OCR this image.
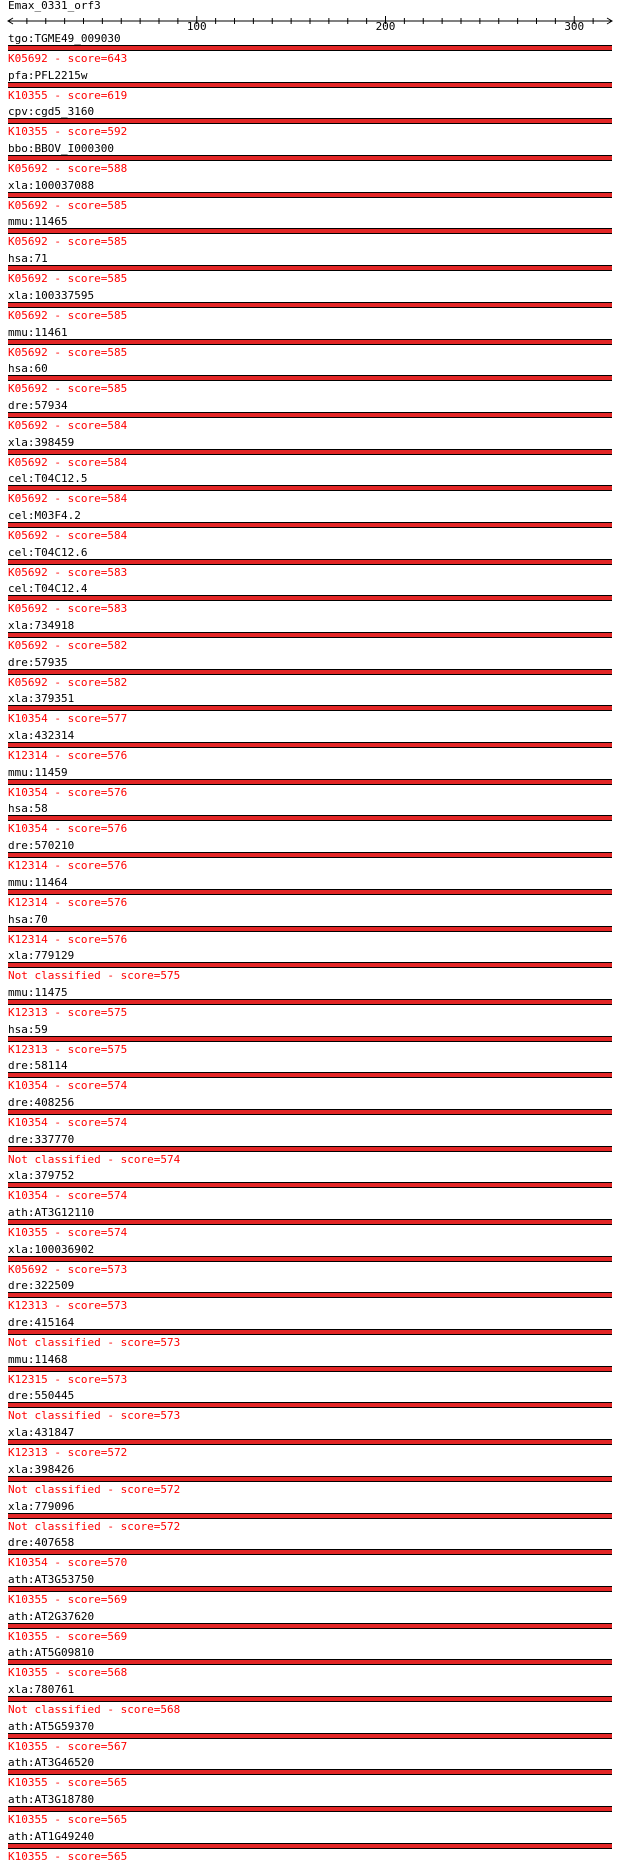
Emax_0331_orf3
100	200	300
tgo:TGME49_009030
K05692 - score=643
pfa:PFL2215w
K10355 - score=619
cpv:cgd5_3160
K10355 - score=592
bbo:BBOV_I000300
K05692 - score=588
xla:100037088
K05692 - score=585
mmu:11465
K05692 - score=585
hsa:71
K05692 - score=585
xla:100337595
K05692 - score=585
mmu:11461
K05692 - score=585
hsa:60
K05692 - score=585
dre:57934
K05692 - score=584
xla:398459
K05692 - score=584
cel:T04C12.5
K05692 - score=584
cel:M03F4.2
K05692 - score=584
cel:T04C12.6
K05692 - score=583
cel:T04C12.4
K05692 - score=583
xla:734918
K05692 - score=582
dre:57935
K05692 - score=582
xla:379351
K10354 - score=577
xla:432314
K12314 - score=576
mmu:11459
K10354 - score=576
hsa:58
K10354 - score=576
dre:570210
K12314 - score=576
mmu:11464
K12314 - score=576
hsa:70
K12314 - score=576
xla:779129
Not classified - score=575
mmu:11475
K12313 - score=575
hsa:59
K12313 - score=575
dre:58114
K10354 - score=574
dre:408256
K10354 - score=574
dre:337770
Not classified - score=574
xla:379752
K10354 - score=574
ath:AT3G12110
K10355 - score=574
xla:100036902
K05692 - score=573
dre:322509
K12313 - score=573
dre:415164
Not classified - score=573
mmu:11468
K12315 - score=573
dre:550445
Not classified - score=573
xla:431847
K12313 - score=572
xla:398426
Not classified - score=572
xla:779096
Not classified - score=572
dre:407658
K10354 - score=570
ath:AT3G53750
K10355 - score=569
ath:AT2G37620
K10355 - score=569
ath:AT5G09810
K10355 - score=568
xla:780761
Not classified - score=568
ath:AT5G59370
K10355 - score=567
ath:AT3G46520
K10355 - score=565
ath:AT3G18780
K10355 - score=565
ath:AT1G49240
K10355 - score=565
